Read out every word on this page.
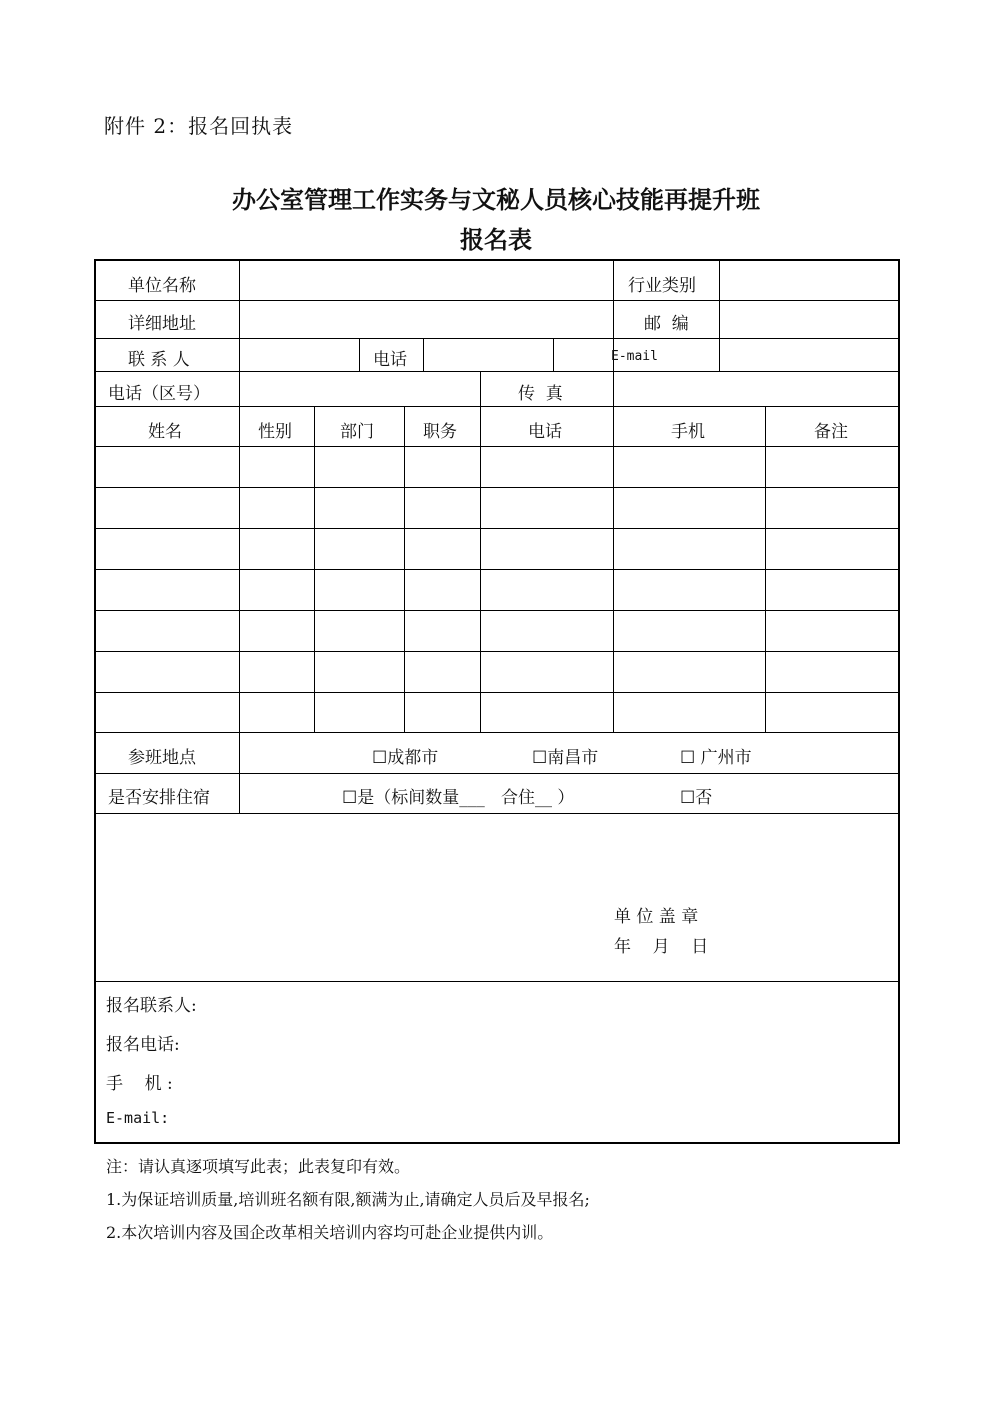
附件 2：报名回执表
办公室管理工作实务与文秘人员核心技能再提升班
报名表
单位名称	行业类别
详细地址	邮  编
联 系 人	电话	E-mail
电话（区号）	传  真
姓名	性别	部门	职务	电话	手机	备注
参班地点	☐成都市	☐南昌市	☐ 广州市
是否安排住宿	☐是（标间数量___   合住__ ）	☐否
单 位 盖 章
年    月    日
报名联系人:
报名电话:
手    机 :
E-mail:
注：请认真逐项填写此表；此表复印有效。
1.为保证培训质量,培训班名额有限,额满为止,请确定人员后及早报名;
2.本次培训内容及国企改革相关培训内容均可赴企业提供内训。
